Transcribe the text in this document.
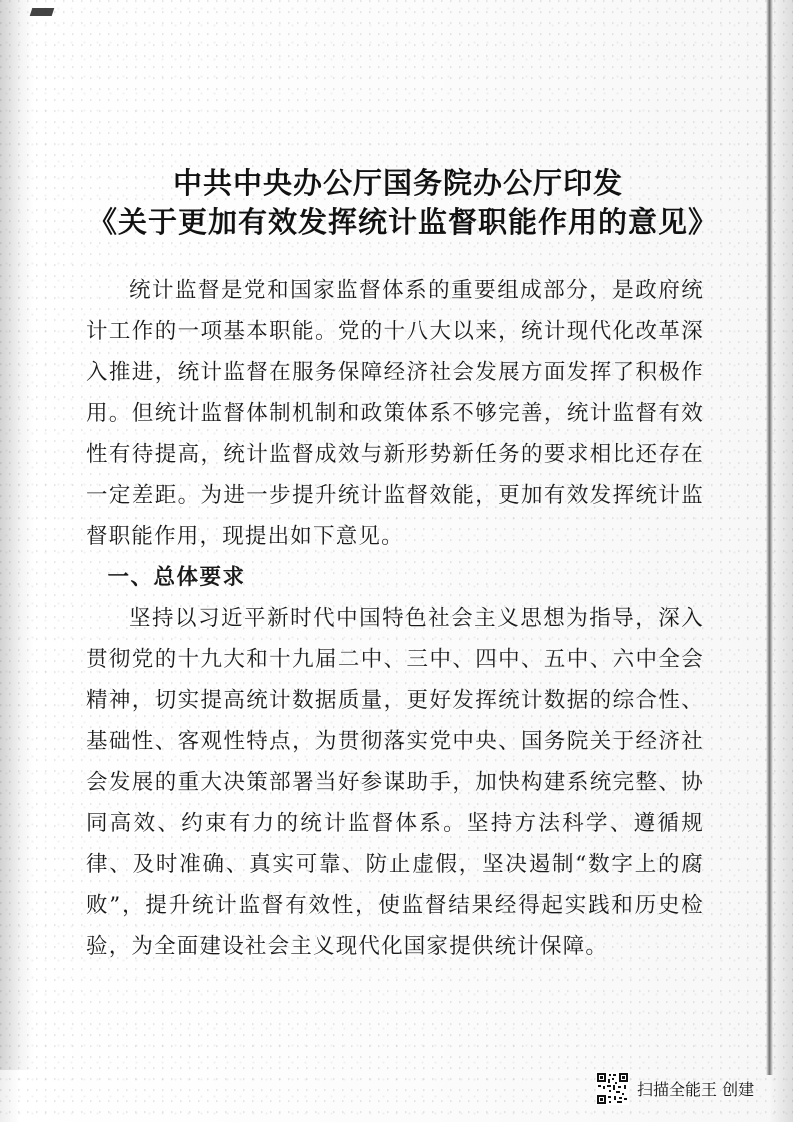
中共中央办公厅国务院办公厅印发
《关于更加有效发挥统计监督职能作用的意见》

统计监督是党和国家监督体系的重要组成部分，是政府统计工作的一项基本职能。党的十八大以来，统计现代化改革深入推进，统计监督在服务保障经济社会发展方面发挥了积极作用。但统计监督体制机制和政策体系不够完善，统计监督有效性有待提高，统计监督成效与新形势新任务的要求相比还存在一定差距。为进一步提升统计监督效能，更加有效发挥统计监督职能作用，现提出如下意见。

一、总体要求

坚持以习近平新时代中国特色社会主义思想为指导，深入贯彻党的十九大和十九届二中、三中、四中、五中、六中全会精神，切实提高统计数据质量，更好发挥统计数据的综合性、基础性、客观性特点，为贯彻落实党中央、国务院关于经济社会发展的重大决策部署当好参谋助手，加快构建系统完整、协同高效、约束有力的统计监督体系。坚持方法科学、遵循规律、及时准确、真实可靠、防止虚假，坚决遏制“数字上的腐败”，提升统计监督有效性，使监督结果经得起实践和历史检验，为全面建设社会主义现代化国家提供统计保障。

扫描全能王 创建
